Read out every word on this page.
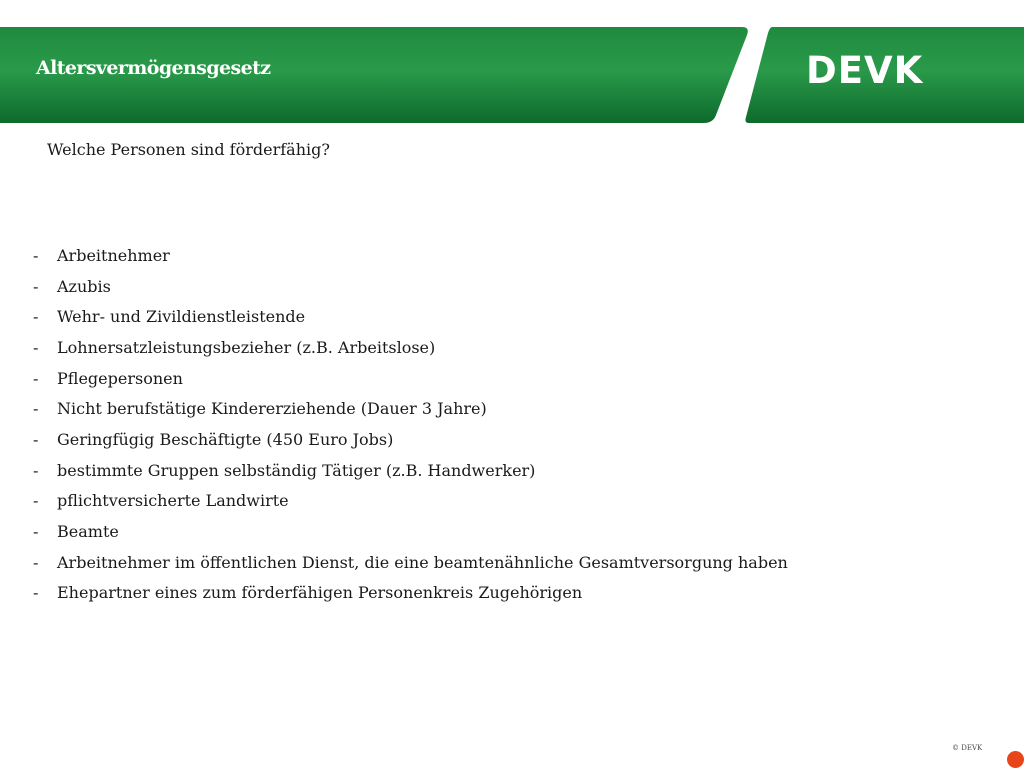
Altersvermögensgesetz	DEVK
Welche Personen sind förderfähig?
-	Arbeitnehmer
-	Azubis
-	Wehr- und Zivildienstleistende
-	Lohnersatzleistungsbezieher (z.B. Arbeitslose)
-	Pflegepersonen
-	Nicht berufstätige Kindererziehende (Dauer 3 Jahre)
-	Geringfügig Beschäftigte (450 Euro Jobs)
-	bestimmte Gruppen selbständig Tätiger (z.B. Handwerker)
-	pflichtversicherte Landwirte
-	Beamte
-	Arbeitnehmer im öffentlichen Dienst, die eine beamtenähnliche Gesamtversorgung haben
-	Ehepartner eines zum förderfähigen Personenkreis Zugehörigen
© DEVK
